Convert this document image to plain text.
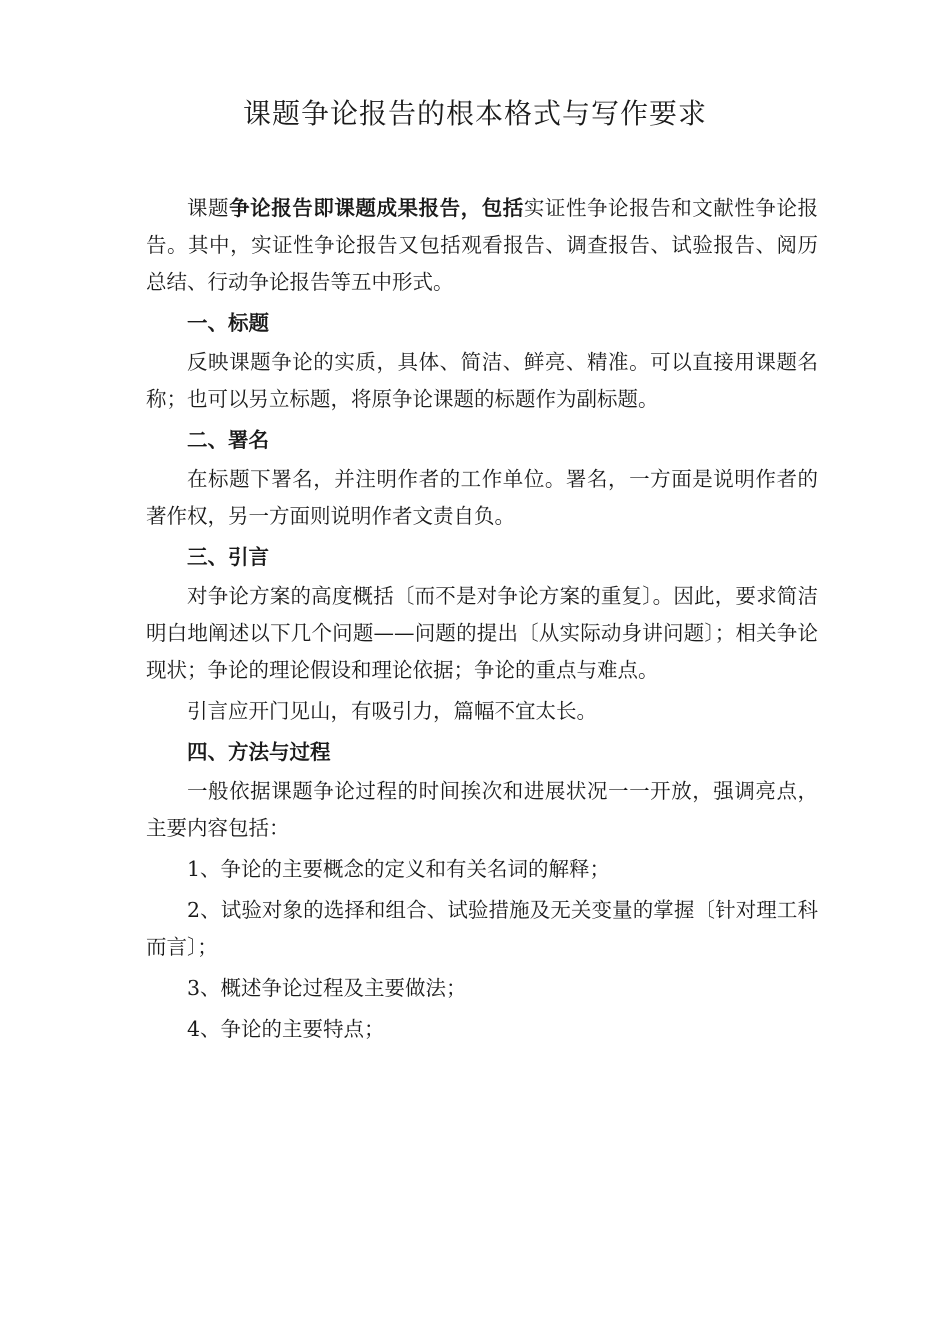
课题争论报告的根本格式与写作要求

课题争论报告即课题成果报告，包括实证性争论报告和文献性争论报告。其中，实证性争论报告又包括观看报告、调查报告、试验报告、阅历总结、行动争论报告等五中形式。

一、标题

反映课题争论的实质，具体、简洁、鲜亮、精准。可以直接用课题名称；也可以另立标题，将原争论课题的标题作为副标题。

二、署名

在标题下署名，并注明作者的工作单位。署名，一方面是说明作者的著作权，另一方面则说明作者文责自负。

三、引言

对争论方案的高度概括〔而不是对争论方案的重复〕。因此，要求简洁明白地阐述以下几个问题——问题的提出〔从实际动身讲问题〕；相关争论现状；争论的理论假设和理论依据；争论的重点与难点。

引言应开门见山，有吸引力，篇幅不宜太长。

四、方法与过程

一般依据课题争论过程的时间挨次和进展状况一一开放，强调亮点，主要内容包括：

1、争论的主要概念的定义和有关名词的解释；

2、试验对象的选择和组合、试验措施及无关变量的掌握〔针对理工科而言〕；

3、概述争论过程及主要做法；

4、争论的主要特点；
